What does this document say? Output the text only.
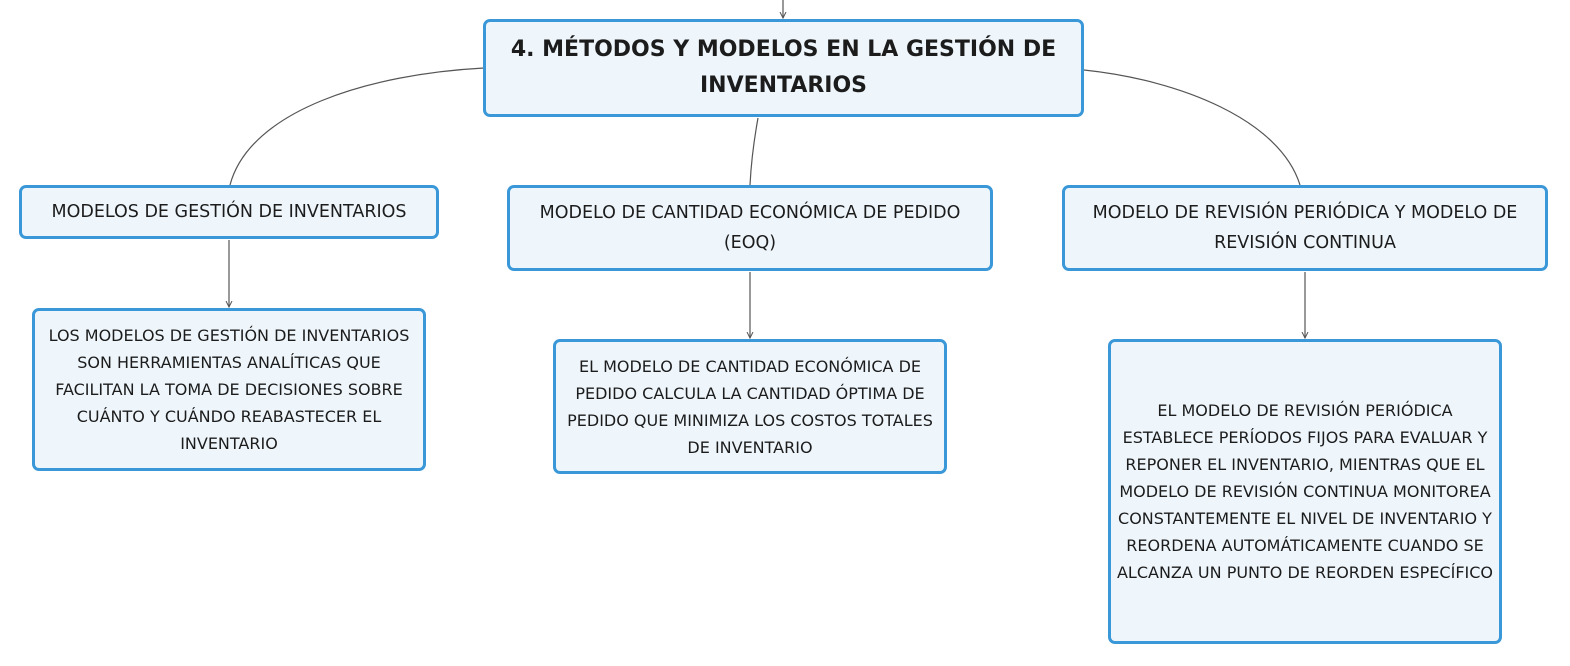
4. MÉTODOS Y MODELOS EN LA GESTIÓN DE INVENTARIOS
MODELOS DE GESTIÓN DE INVENTARIOS	MODELO DE CANTIDAD ECONÓMICA DE PEDIDO (EOQ)
MODELO DE REVISIÓN PERIÓDICA Y MODELO DE REVISIÓN CONTINUA
LOS MODELOS DE GESTIÓN DE INVENTARIOS SON HERRAMIENTAS ANALÍTICAS QUE FACILITAN LA TOMA DE DECISIONES SOBRE CUÁNTO Y CUÁNDO REABASTECER EL INVENTARIO
EL MODELO DE CANTIDAD ECONÓMICA DE PEDIDO CALCULA LA CANTIDAD ÓPTIMA DE PEDIDO QUE MINIMIZA LOS COSTOS TOTALES DE INVENTARIO
EL MODELO DE REVISIÓN PERIÓDICA ESTABLECE PERÍODOS FIJOS PARA EVALUAR Y REPONER EL INVENTARIO, MIENTRAS QUE EL MODELO DE REVISIÓN CONTINUA MONITOREA CONSTANTEMENTE EL NIVEL DE INVENTARIO Y REORDENA AUTOMÁTICAMENTE CUANDO SE ALCANZA UN PUNTO DE REORDEN ESPECÍFICO
